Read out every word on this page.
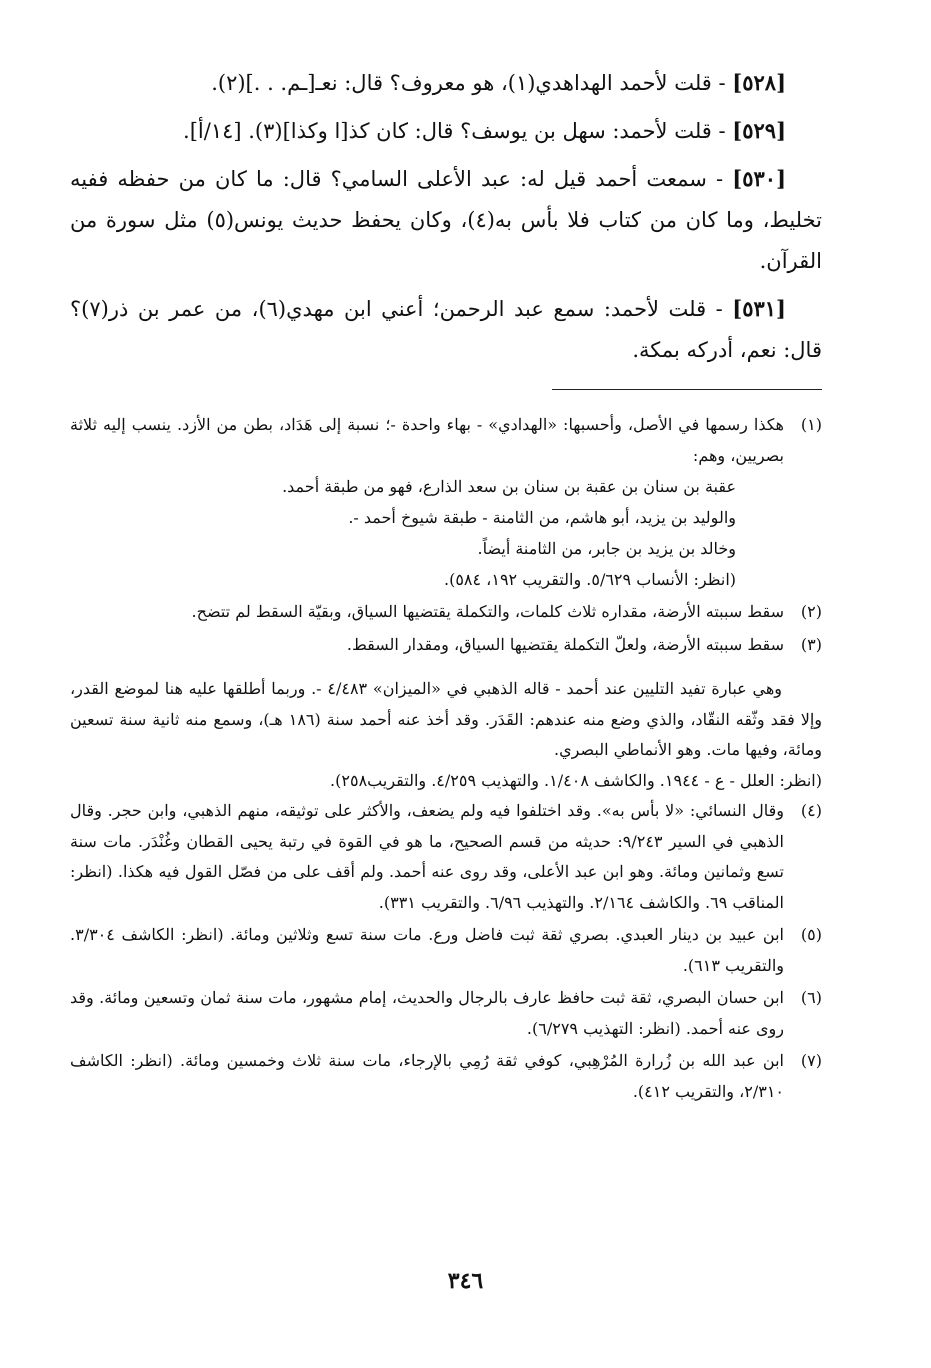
[٥٢٨] - قلت لأحمد الهداهدي(١)، هو معروف؟ قال: نعـ[ـم. . .](٢).

[٥٢٩] - قلت لأحمد: سهل بن يوسف؟ قال: كان كذ[ا وكذا](٣). [١٤/أ].

[٥٣٠] - سمعت أحمد قيل له: عبد الأعلى السامي؟ قال: ما كان من حفظه ففيه تخليط، وما كان من كتاب فلا بأس به(٤)، وكان يحفظ حديث يونس(٥) مثل سورة من القرآن.

[٥٣١] - قلت لأحمد: سمع عبد الرحمن؛ أعني ابن مهدي(٦)، من عمر بن ذر(٧)؟ قال: نعم، أدركه بمكة.

(١)
هكذا رسمها في الأصل، وأحسبها: «الهدادي» - بهاء واحدة -؛ نسبة إلى هَدَاد، بطن من الأزد. ينسب إليه ثلاثة بصريين، وهم:
عقبة بن سنان بن عقبة بن سنان بن سعد الذارع، فهو من طبقة أحمد.
والوليد بن يزيد، أبو هاشم، من الثامنة - طبقة شيوخ أحمد -.
وخالد بن يزيد بن جابر، من الثامنة أيضاً.
(انظر: الأنساب ٥/٦٢٩. والتقريب ١٩٢، ٥٨٤).
(٢)
سقط سببته الأرضة، مقداره ثلاث كلمات، والتكملة يقتضيها السياق، وبقيّة السقط لم تتضح.
(٣)
سقط سببته الأرضة، ولعلّ التكملة يقتضيها السياق، ومقدار السقط.
وهي عبارة تفيد التليين عند أحمد - قاله الذهبي في «الميزان» ٤/٤٨٣ -. وربما أطلقها عليه هنا لموضع القدر، وإلا فقد وثّقه النقّاد، والذي وضع منه عندهم: القَدَر. وقد أخذ عنه أحمد سنة (١٨٦ هـ)، وسمع منه ثانية سنة تسعين ومائة، وفيها مات. وهو الأنماطي البصري.
(انظر: العلل - ع - ١٩٤٤. والكاشف ١/٤٠٨. والتهذيب ٤/٢٥٩. والتقريب٢٥٨).
(٤)
وقال النسائي: «لا بأس به». وقد اختلفوا فيه ولم يضعف، والأكثر على توثيقه، منهم الذهبي، وابن حجر. وقال الذهبي في السير ٩/٢٤٣: حديثه من قسم الصحيح، ما هو في القوة في رتبة يحيى القطان وغُنْدَر. مات سنة تسع وثمانين ومائة. وهو ابن عبد الأعلى، وقد روى عنه أحمد. ولم أقف على من فصّل القول فيه هكذا. (انظر: المناقب ٦٩. والكاشف ٢/١٦٤. والتهذيب ٦/٩٦. والتقريب ٣٣١).
(٥)
ابن عبيد بن دينار العبدي. بصري ثقة ثبت فاضل ورع. مات سنة تسع وثلاثين ومائة. (انظر: الكاشف ٣/٣٠٤. والتقريب ٦١٣).
(٦)
ابن حسان البصري، ثقة ثبت حافظ عارف بالرجال والحديث، إمام مشهور، مات سنة ثمان وتسعين ومائة. وقد روى عنه أحمد. (انظر: التهذيب ٦/٢٧٩).
(٧)
ابن عبد الله بن زُرارة المُرْهِبي، كوفي ثقة رُمِي بالإرجاء، مات سنة ثلاث وخمسين ومائة. (انظر: الكاشف ٢/٣١٠، والتقريب ٤١٢).
٣٤٦
